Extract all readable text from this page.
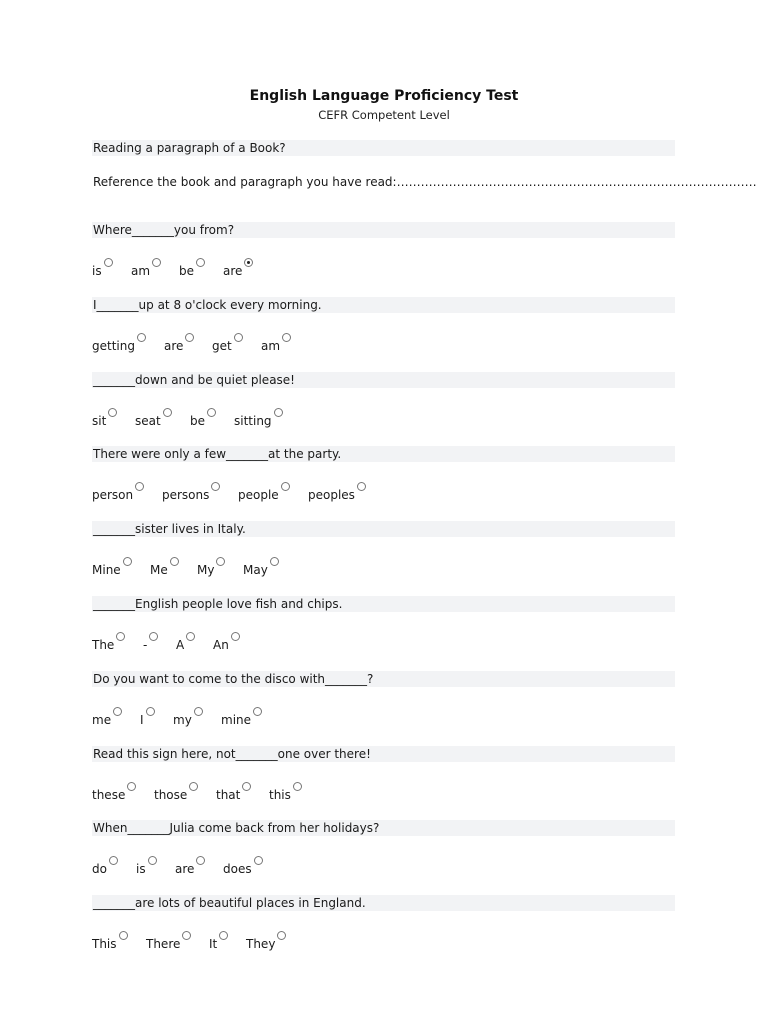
English Language Proficiency Test
CEFR Competent Level
Reading a paragraph of a Book?
Reference the book and paragraph you have read:………………………………………………………………………………
Where_______you from?
is am be are
I_______up at 8 o'clock every morning.
getting are get am
_______down and be quiet please!
sit seat be sitting
There were only a few_______at the party.
person persons people peoples
_______sister lives in Italy.
Mine Me My May
_______English people love fish and chips.
The - A An
Do you want to come to the disco with_______?
me I my mine
Read this sign here, not_______one over there!
these those that this
When_______Julia come back from her holidays?
do is are does
_______are lots of beautiful places in England.
This There It They
